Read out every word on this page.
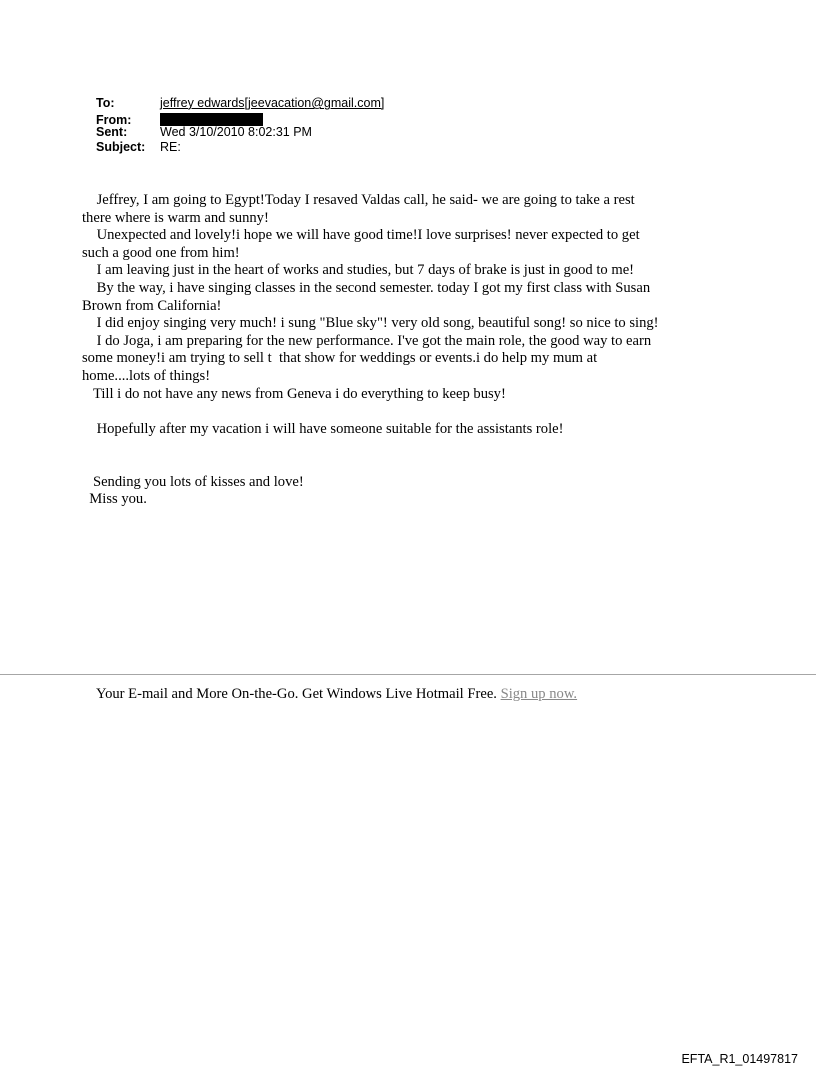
To:	jeffrey edwards[jeevacation@gmail.com]
From:
Sent:	Wed 3/10/2010 8:02:31 PM
Subject:	RE:

Jeffrey, I am going to Egypt!Today I resaved Valdas call, he said- we are going to take a rest

there where is warm and sunny!

Unexpected and lovely!i hope we will have good time!I love surprises! never expected to get

such a good one from him!

I am leaving just in the heart of works and studies, but 7 days of brake is just in good to me!

By the way, i have singing classes in the second semester. today I got my first class with Susan

Brown from California!

I did enjoy singing very much! i sung "Blue sky"! very old song, beautiful song! so nice to sing!

I do Joga, i am preparing for the new performance. I've got the main role, the good way to earn

some money!i am trying to sell t  that show for weddings or events.i do help my mum at

home....lots of things!

Till i do not have any news from Geneva i do everything to keep busy!

Hopefully after my vacation i will have someone suitable for the assistants role!

Sending you lots of kisses and love!

Miss you.

Your E-mail and More On-the-Go. Get Windows Live Hotmail Free. Sign up now.
EFTA_R1_01497817
